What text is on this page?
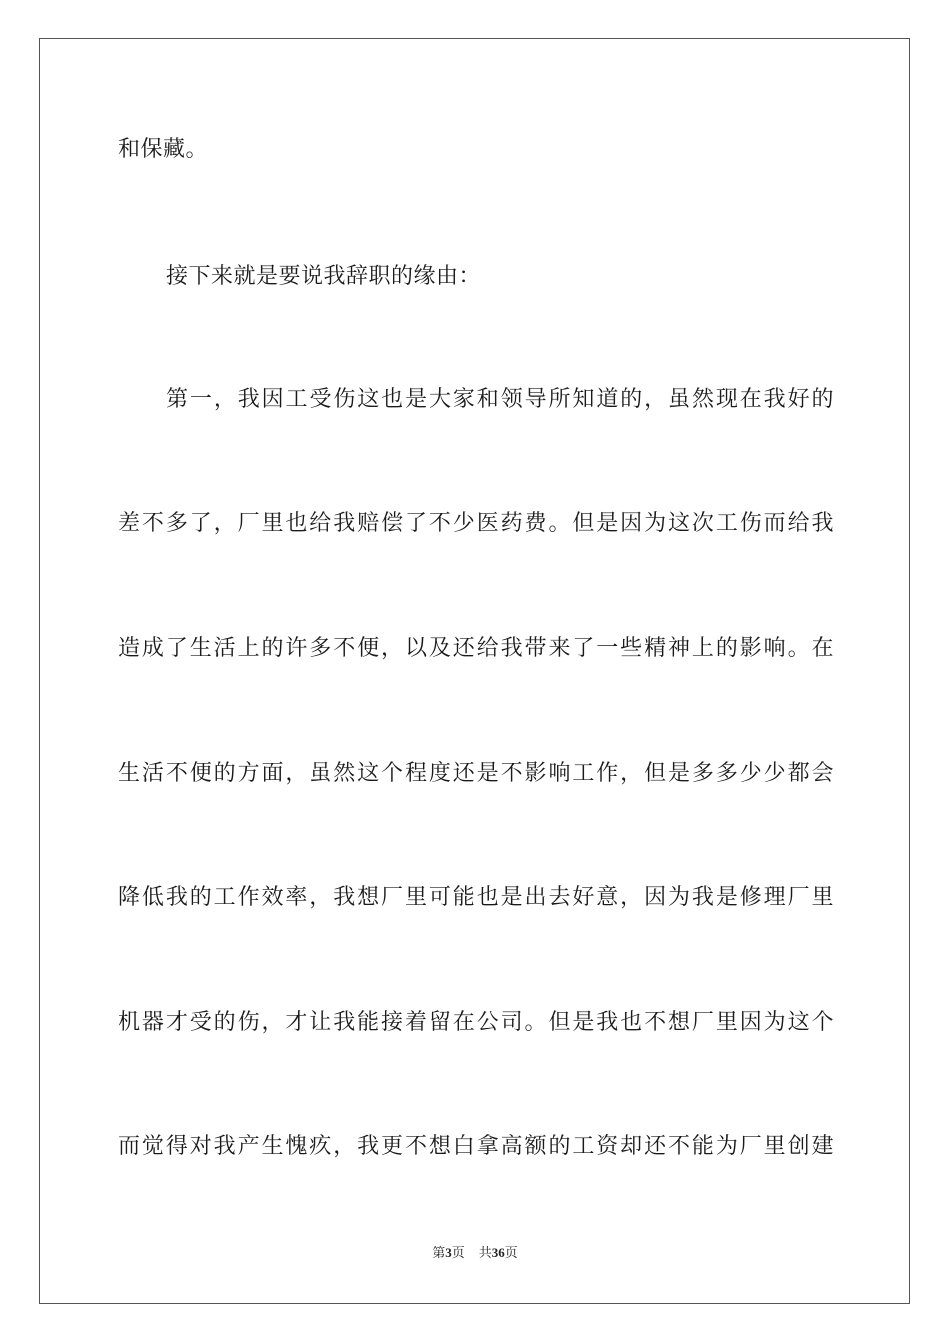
和保藏。
接下来就是要说我辞职的缘由：
第一，我因工受伤这也是大家和领导所知道的，虽然现在我好的
差不多了，厂里也给我赔偿了不少医药费。但是因为这次工伤而给我
造成了生活上的许多不便，以及还给我带来了一些精神上的影响。在
生活不便的方面，虽然这个程度还是不影响工作，但是多多少少都会
降低我的工作效率，我想厂里可能也是出去好意，因为我是修理厂里
机器才受的伤，才让我能接着留在公司。但是我也不想厂里因为这个
而觉得对我产生愧疚，我更不想白拿高额的工资却还不能为厂里创建
第3页 共36页
